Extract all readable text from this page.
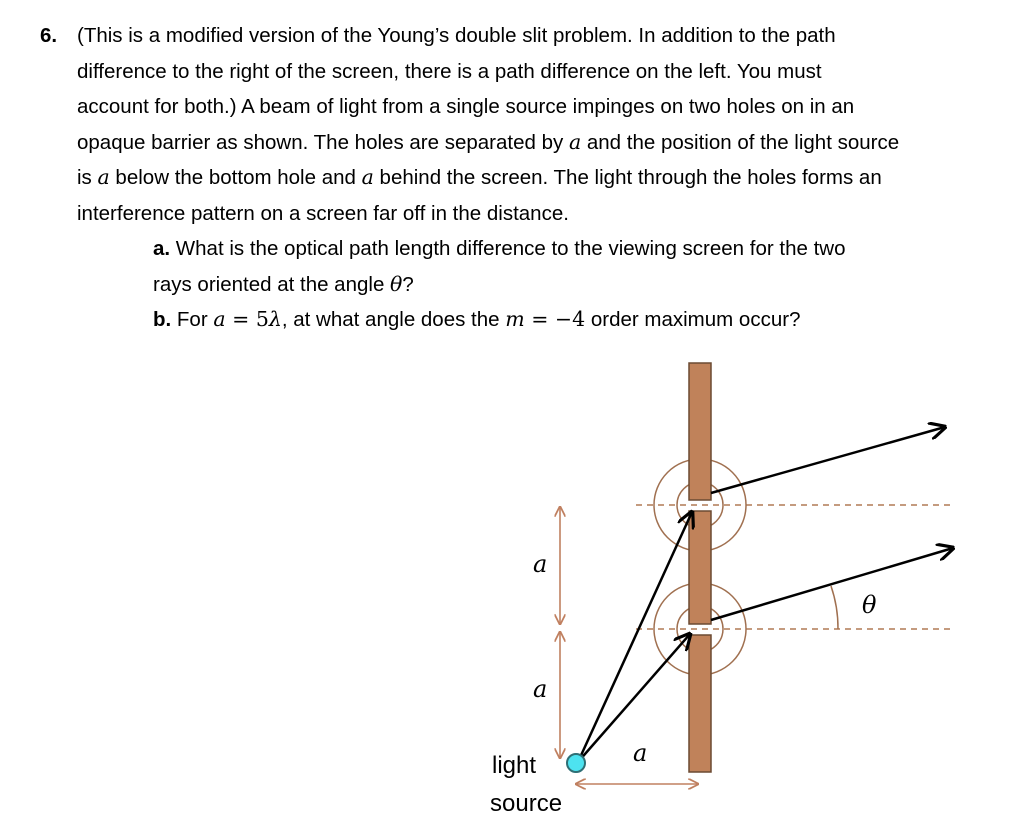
6. (This is a modified version of the Young’s double slit problem. In addition to the path
difference to the right of the screen, there is a path difference on the left. You must
account for both.) A beam of light from a single source impinges on two holes on in an
opaque barrier as shown. The holes are separated by a and the position of the light source
is a below the bottom hole and a behind the screen. The light through the holes forms an
interference pattern on a screen far off in the distance.
a. What is the optical path length difference to the viewing screen for the two
rays oriented at the angle θ?
b. For a = 5λ, at what angle does the m = −4 order maximum occur?
a
a
a
θ
light
source
